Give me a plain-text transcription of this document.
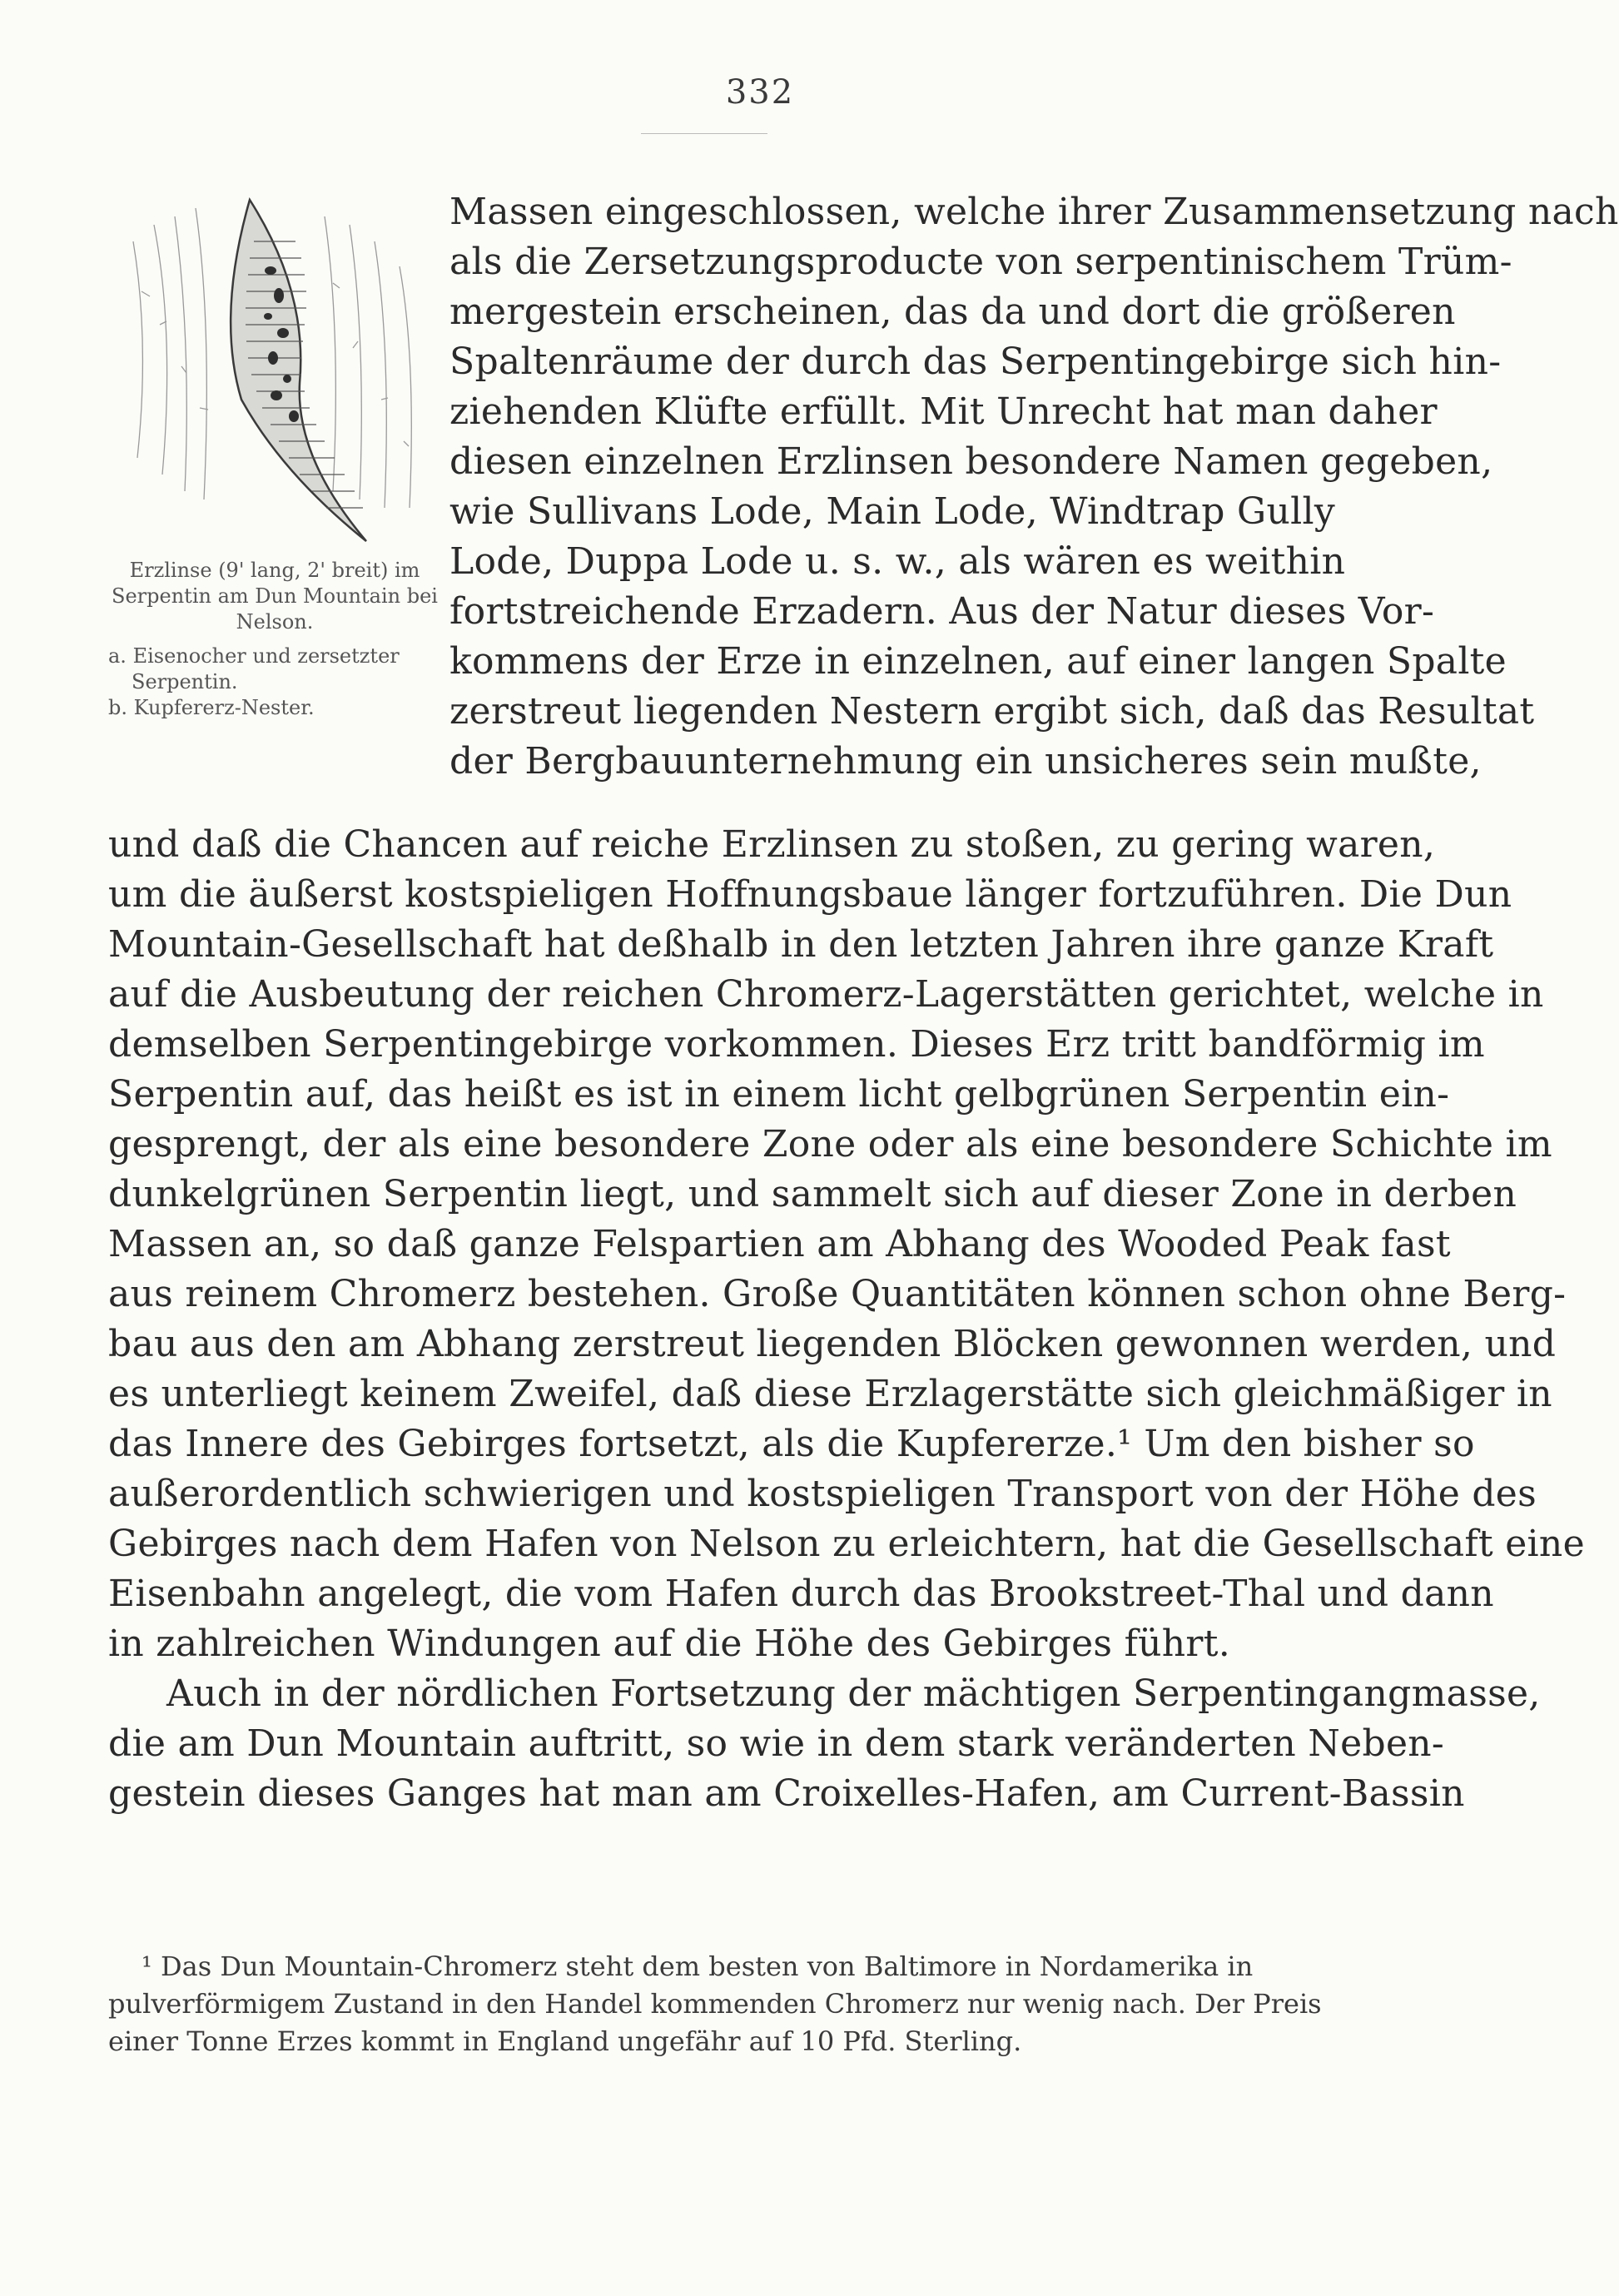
332
Erzlinse (9' lang, 2' breit) im Serpentin am Dun Mountain bei Nelson.
a. Eisenocher und zersetzter Serpentin.
b. Kupfererz-Nester.
Massen eingeschlossen, welche ihrer Zusammensetzung nach
als die Zersetzungsproducte von serpentinischem Trüm-
mergestein erscheinen, das da und dort die größeren
Spaltenräume der durch das Serpentingebirge sich hin-
ziehenden Klüfte erfüllt. Mit Unrecht hat man daher
diesen einzelnen Erzlinsen besondere Namen gegeben,
wie Sullivans Lode, Main Lode, Windtrap Gully
Lode, Duppa Lode u. s. w., als wären es weithin
fortstreichende Erzadern. Aus der Natur dieses Vor-
kommens der Erze in einzelnen, auf einer langen Spalte
zerstreut liegenden Nestern ergibt sich, daß das Resultat
der Bergbauunternehmung ein unsicheres sein mußte,
und daß die Chancen auf reiche Erzlinsen zu stoßen, zu gering waren,
um die äußerst kostspieligen Hoffnungsbaue länger fortzuführen. Die Dun
Mountain-Gesellschaft hat deßhalb in den letzten Jahren ihre ganze Kraft
auf die Ausbeutung der reichen Chromerz-Lagerstätten gerichtet, welche in
demselben Serpentingebirge vorkommen. Dieses Erz tritt bandförmig im
Serpentin auf, das heißt es ist in einem licht gelbgrünen Serpentin ein-
gesprengt, der als eine besondere Zone oder als eine besondere Schichte im
dunkelgrünen Serpentin liegt, und sammelt sich auf dieser Zone in derben
Massen an, so daß ganze Felspartien am Abhang des Wooded Peak fast
aus reinem Chromerz bestehen. Große Quantitäten können schon ohne Berg-
bau aus den am Abhang zerstreut liegenden Blöcken gewonnen werden, und
es unterliegt keinem Zweifel, daß diese Erzlagerstätte sich gleichmäßiger in
das Innere des Gebirges fortsetzt, als die Kupfererze.¹ Um den bisher so
außerordentlich schwierigen und kostspieligen Transport von der Höhe des
Gebirges nach dem Hafen von Nelson zu erleichtern, hat die Gesellschaft eine
Eisenbahn angelegt, die vom Hafen durch das Brookstreet-Thal und dann
in zahlreichen Windungen auf die Höhe des Gebirges führt.
Auch in der nördlichen Fortsetzung der mächtigen Serpentingangmasse,
die am Dun Mountain auftritt, so wie in dem stark veränderten Neben-
gestein dieses Ganges hat man am Croixelles-Hafen, am Current-Bassin
¹ Das Dun Mountain-Chromerz steht dem besten von Baltimore in Nordamerika in
pulverförmigem Zustand in den Handel kommenden Chromerz nur wenig nach. Der Preis
einer Tonne Erzes kommt in England ungefähr auf 10 Pfd. Sterling.
